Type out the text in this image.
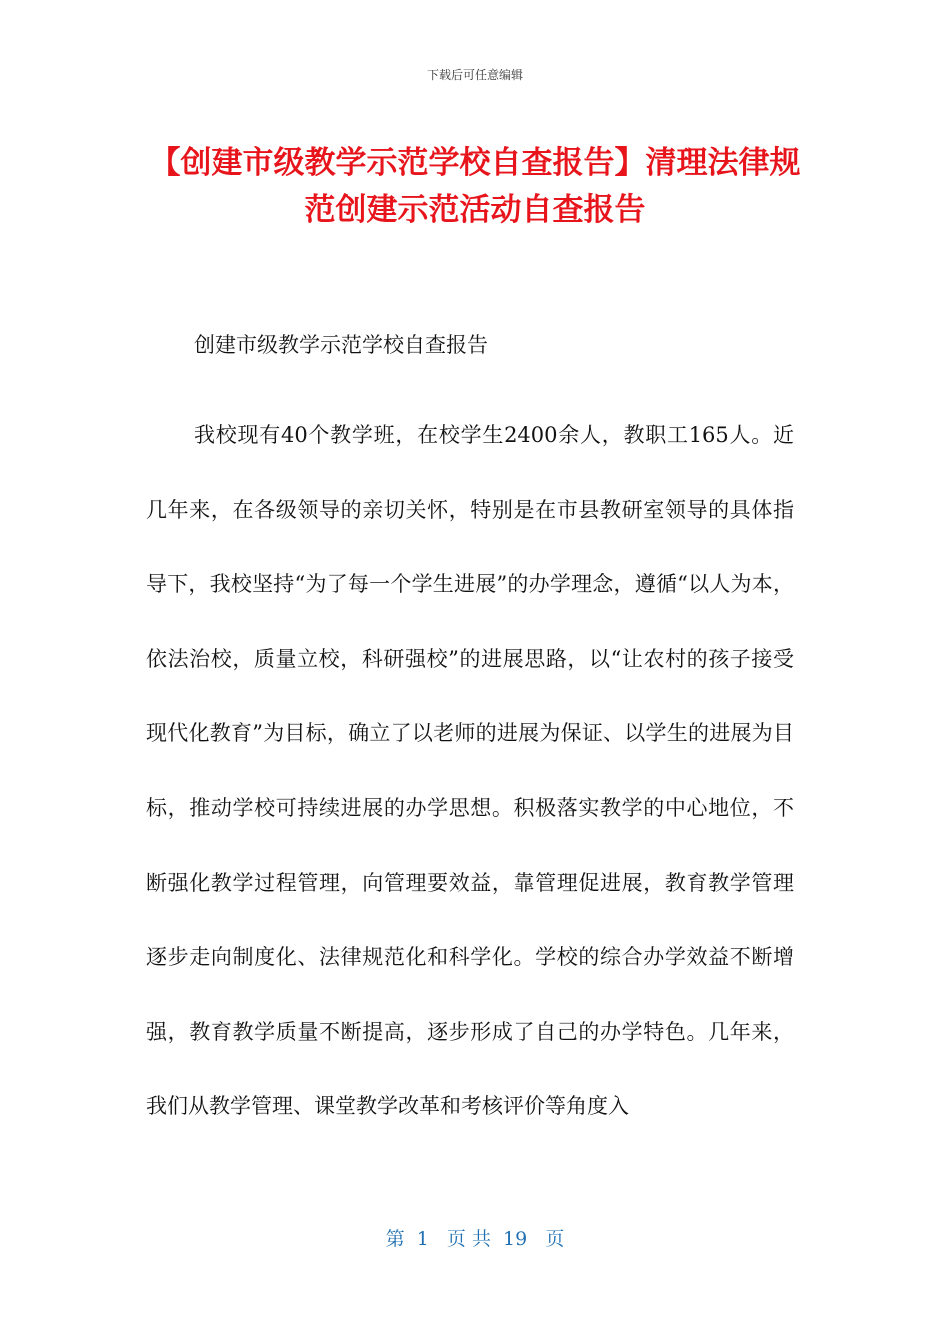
下载后可任意编辑
【创建市级教学示范学校自查报告】清理法律规范创建示范活动自查报告
创建市级教学示范学校自查报告

我校现有40个教学班，在校学生2400余人，教职工165人。近几年来，在各级领导的亲切关怀，特别是在市县教研室领导的具体指导下，我校坚持“为了每一个学生进展”的办学理念，遵循“以人为本，依法治校，质量立校，科研强校”的进展思路，以“让农村的孩子接受现代化教育”为目标，确立了以老师的进展为保证、以学生的进展为目标，推动学校可持续进展的办学思想。积极落实教学的中心地位，不断强化教学过程管理，向管理要效益，靠管理促进展，教育教学管理逐步走向制度化、法律规范化和科学化。学校的综合办学效益不断增强，教育教学质量不断提高，逐步形成了自己的办学特色。几年来，我们从教学管理、课堂教学改革和考核评价等角度入

第  1   页 共  19   页
